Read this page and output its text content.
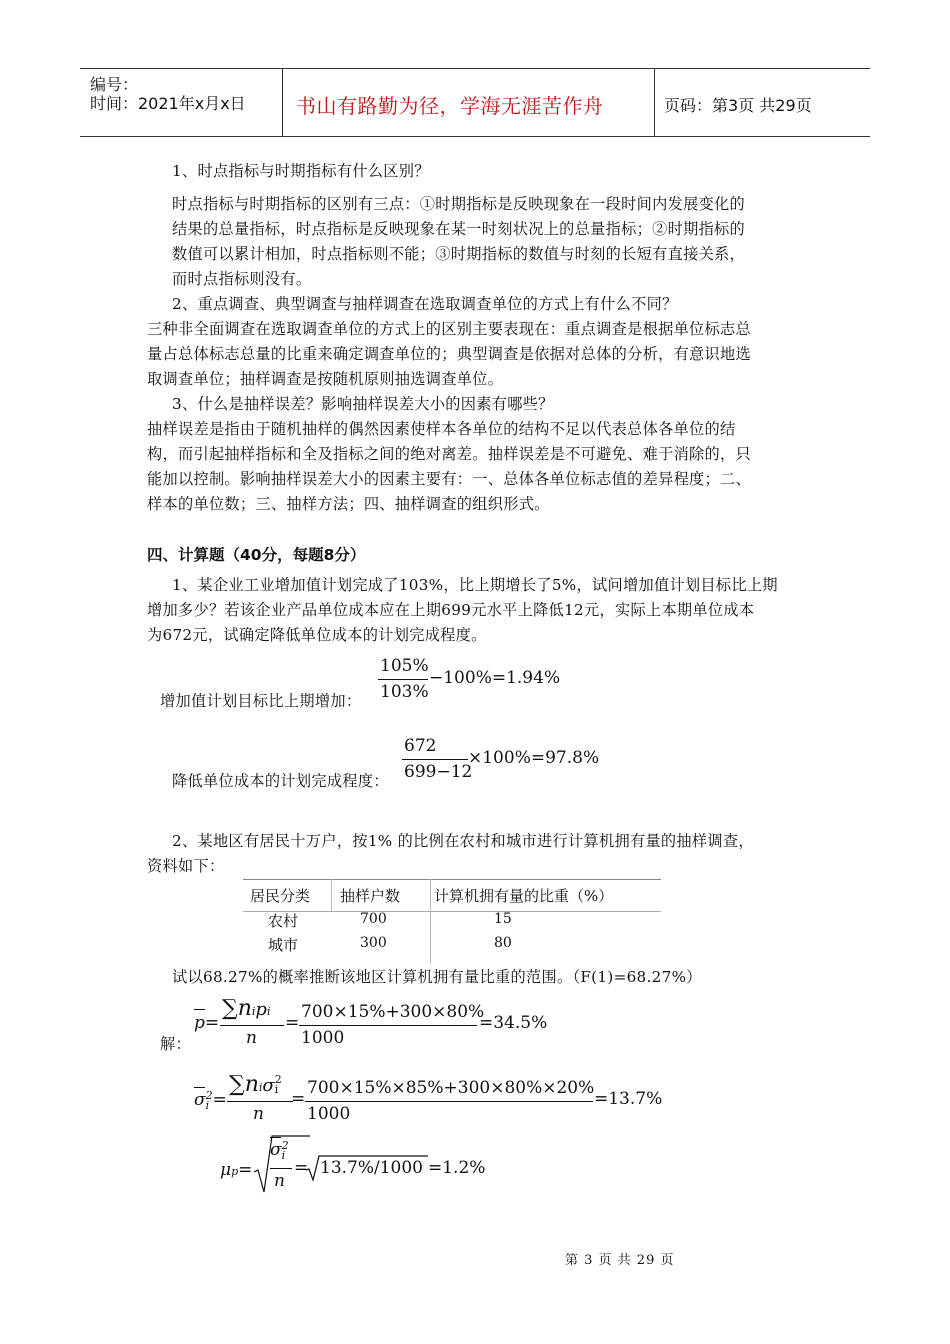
编号：
时间：2021年x月x日	书山有路勤为径，学海无涯苦作舟	页码：第3页 共29页
1、时点指标与时期指标有什么区别？
时点指标与时期指标的区别有三点：①时期指标是反映现象在一段时间内发展变化的
结果的总量指标，时点指标是反映现象在某一时刻状况上的总量指标；②时期指标的
数值可以累计相加，时点指标则不能；③时期指标的数值与时刻的长短有直接关系，
而时点指标则没有。
2、重点调查、典型调查与抽样调查在选取调查单位的方式上有什么不同？
三种非全面调查在选取调查单位的方式上的区别主要表现在：重点调查是根据单位标志总
量占总体标志总量的比重来确定调查单位的；典型调查是依据对总体的分析，有意识地选
取调查单位；抽样调查是按随机原则抽选调查单位。
3、什么是抽样误差？影响抽样误差大小的因素有哪些？
抽样误差是指由于随机抽样的偶然因素使样本各单位的结构不足以代表总体各单位的结
构，而引起抽样指标和全及指标之间的绝对离差。抽样误差是不可避免、难于消除的，只
能加以控制。影响抽样误差大小的因素主要有：一、总体各单位标志值的差异程度；二、
样本的单位数；三、抽样方法；四、抽样调查的组织形式。
四、计算题（40分，每题8分）
1、某企业工业增加值计划完成了103%，比上期增长了5%，试问增加值计划目标比上期
增加多少？若该企业产品单位成本应在上期699元水平上降低12元，实际上本期单位成本
为672元，试确定降低单位成本的计划完成程度。
增加值计划目标比上期增加：
105%
103%
−100%=1.94%
降低单位成本的计划完成程度：
672
699−12
×100%=97.8%
2、某地区有居民十万户，按1% 的比例在农村和城市进行计算机拥有量的抽样调查，
资料如下：
居民分类 抽样户数 计算机拥有量的比重（%）
农村	700	15
城市	300	80
试以68.27%的概率推断该地区计算机拥有量比重的范围。（F(1)=68.27%）
解：
p=
∑nipi
n
=
700×15%+300×80%
1000
=34.5%
σ2
i =
∑niσ2
i
n
=
700×15%×85%+300×80%×20%
1000
=13.7%
μp=
σ2
i
n
= 13.7%/1000 =1.2%
第 3 页 共 29 页
